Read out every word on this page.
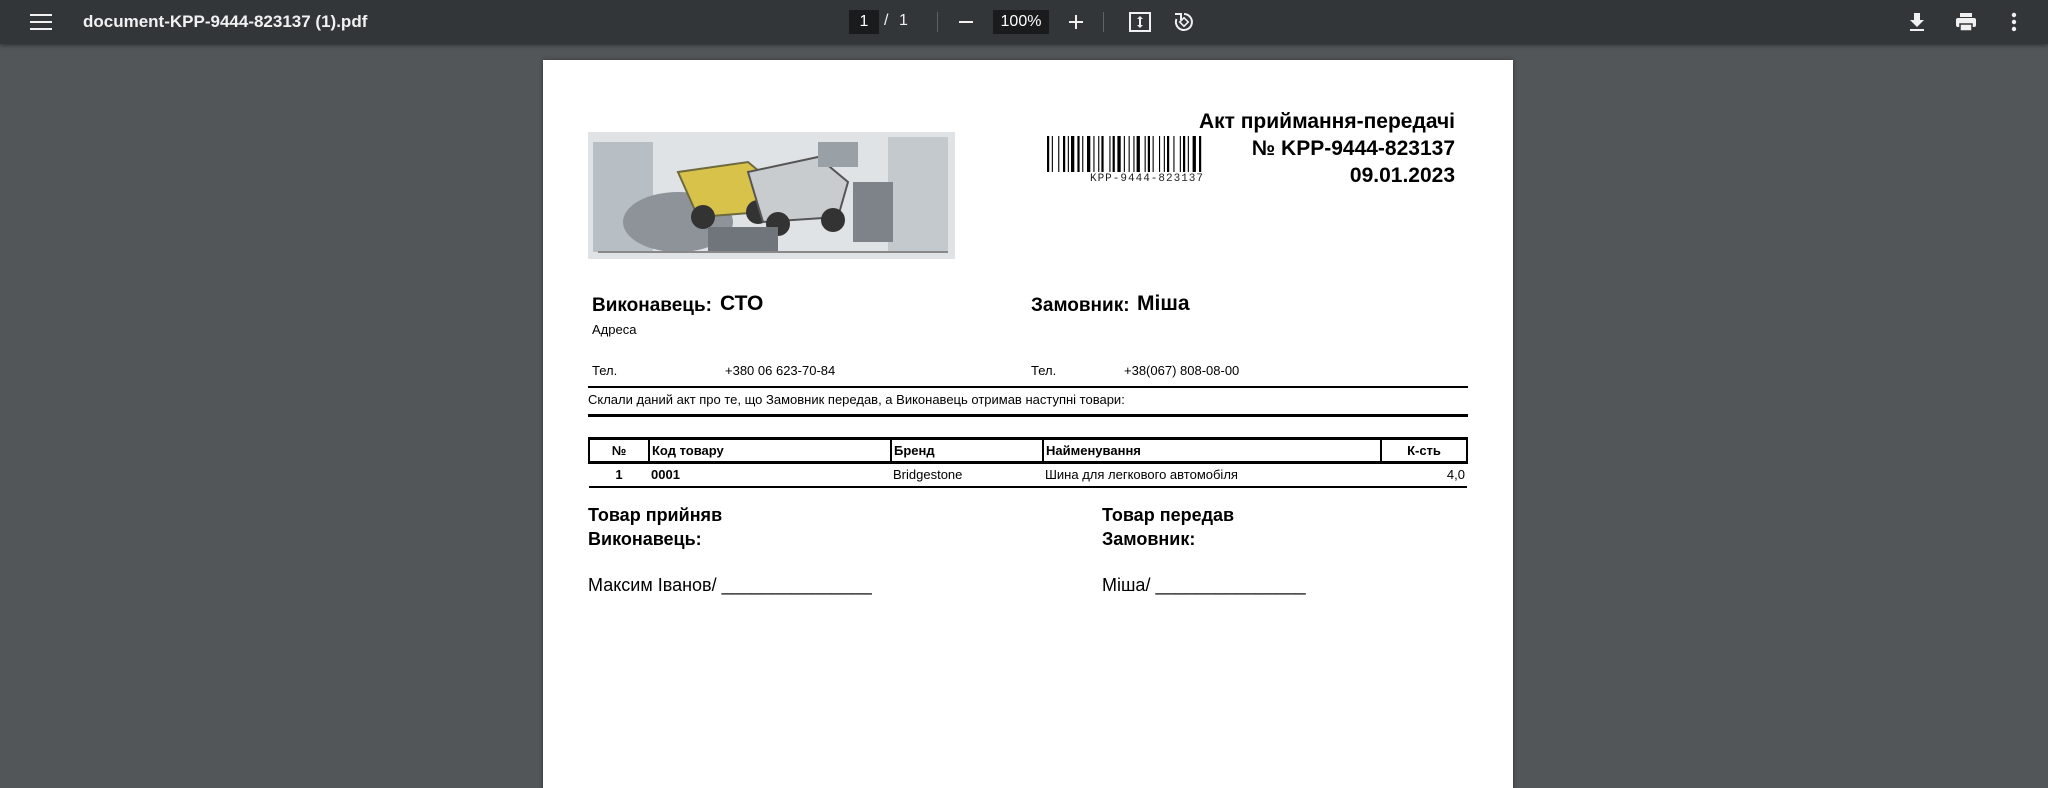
document-KPP-9444-823137 (1).pdf	1 / 1	100%
Акт приймання-передачі
№ KPP-9444-823137
09.01.2023
KPP-9444-823137
Виконавець: СТО
Адреса
Замовник: Міша
Тел.	+380 06 623-70-84	Тел.	+38(067) 808-08-00
Склали даний акт про те, що Замовник передав, а Виконавець отримав наступні товари:
№	Код товару	Бренд	Найменування	К-сть
1	0001	Bridgestone	Шина для легкового автомобіля	4,0
Товар прийняв
Виконавець:
Максим Іванов/ _______________
Товар передав
Замовник:
Міша/ _______________
